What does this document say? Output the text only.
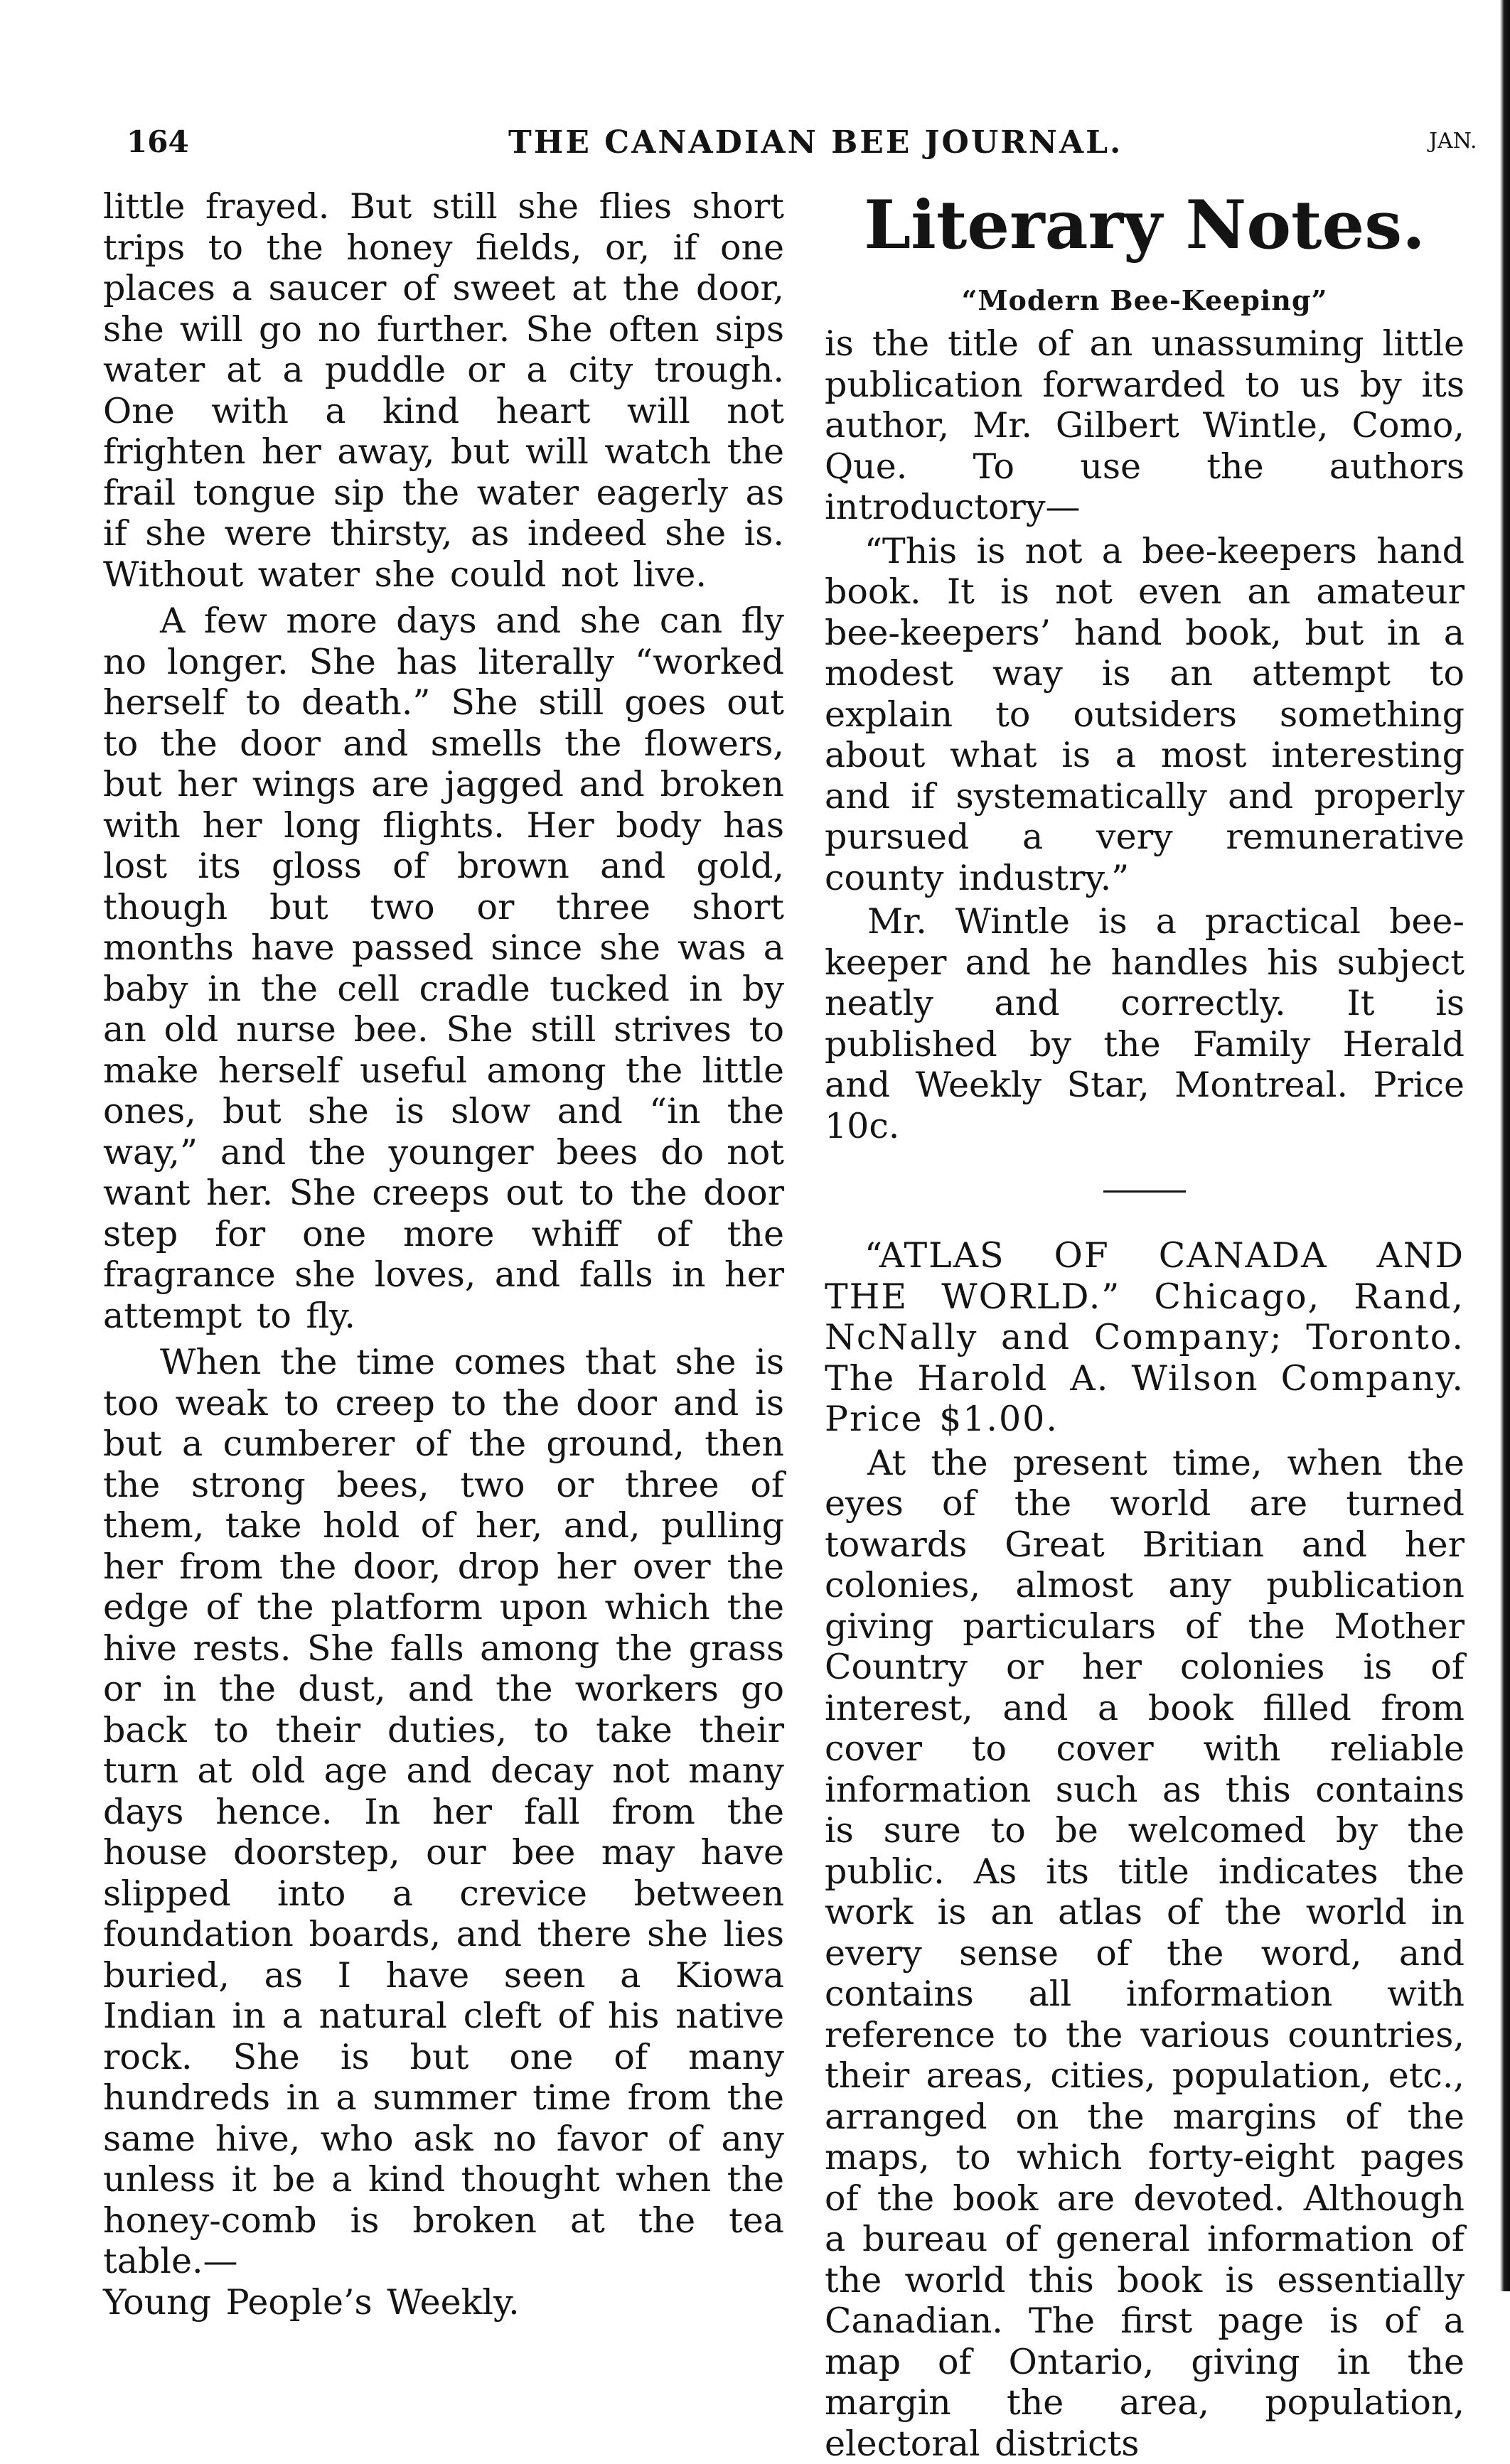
164	THE CANADIAN BEE JOURNAL.	JAN.

little frayed. But still she flies short trips to the honey fields, or, if one places a saucer of sweet at the door, she will go no further. She often sips water at a puddle or a city trough. One with a kind heart will not frighten her away, but will watch the frail tongue sip the water eagerly as if she were thirsty, as indeed she is. Without water she could not live.

A few more days and she can fly no longer. She has literally “worked herself to death.” She still goes out to the door and smells the flowers, but her wings are jagged and broken with her long flights. Her body has lost its gloss of brown and gold, though but two or three short months have passed since she was a baby in the cell cradle tucked in by an old nurse bee. She still strives to make herself useful among the little ones, but she is slow and “in the way,” and the younger bees do not want her. She creeps out to the door step for one more whiff of the fragrance she loves, and falls in her attempt to fly.

When the time comes that she is too weak to creep to the door and is but a cumberer of the ground, then the strong bees, two or three of them, take hold of her, and, pulling her from the door, drop her over the edge of the platform upon which the hive rests. She falls among the grass or in the dust, and the workers go back to their duties, to take their turn at old age and decay not many days hence. In her fall from the house doorstep, our bee may have slipped into a crevice between foundation boards, and there she lies buried, as I have seen a Kiowa Indian in a natural cleft of his native rock. She is but one of many hundreds in a summer time from the same hive, who ask no favor of any unless it be a kind thought when the honey-comb is broken at the tea table.—

Young People’s Weekly.

Literary Notes.
“Modern Bee-Keeping”

is the title of an unassuming little publication forwarded to us by its author, Mr. Gilbert Wintle, Como, Que. To use the authors introductory—

“This is not a bee-keepers hand book. It is not even an amateur bee-keepers’ hand book, but in a modest way is an attempt to explain to outsiders something about what is a most interesting and if systematically and properly pursued a very remunerative county industry.”

Mr. Wintle is a practical bee-keeper and he handles his subject neatly and correctly. It is published by the Family Herald and Weekly Star, Montreal. Price 10c.

“ATLAS OF CANADA AND THE WORLD.” Chicago, Rand, NcNally and Company; Toronto. The Harold A. Wilson Company. Price $1.00.

At the present time, when the eyes of the world are turned towards Great Britian and her colonies, almost any publication giving particulars of the Mother Country or her colonies is of interest, and a book filled from cover to cover with reliable information such as this contains is sure to be welcomed by the public. As its title indicates the work is an atlas of the world in every sense of the word, and contains all information with reference to the various countries, their areas, cities, population, etc., arranged on the margins of the maps, to which forty-eight pages of the book are devoted. Although a bureau of general information of the world this book is essentially Canadian. The first page is of a map of Ontario, giving in the margin the area, population, electoral districts
